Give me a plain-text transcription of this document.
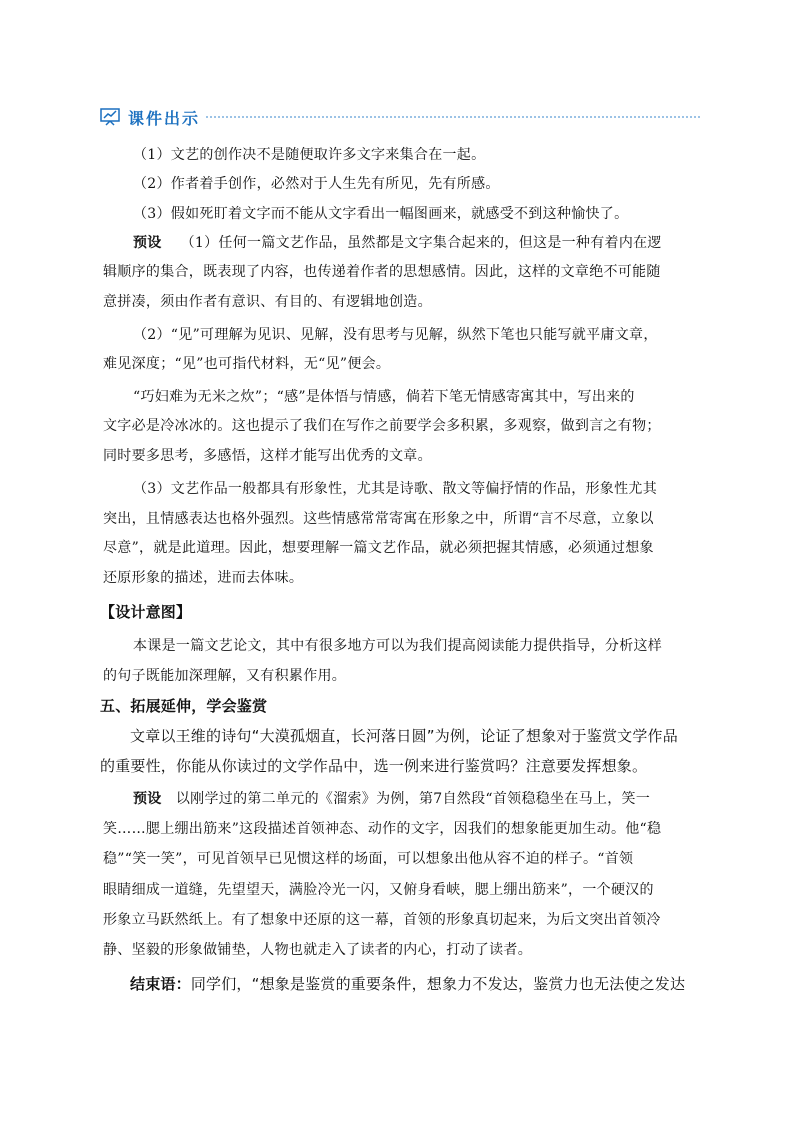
课件出示
（1）文艺的创作决不是随便取许多文字来集合在一起。
（2）作者着手创作，必然对于人生先有所见，先有所感。
（3）假如死盯着文字而不能从文字看出一幅图画来，就感受不到这种愉快了。
预设 （1）任何一篇文艺作品，虽然都是文字集合起来的，但这是一种有着内在逻
辑顺序的集合，既表现了内容，也传递着作者的思想感情。因此，这样的文章绝不可能随
意拼凑，须由作者有意识、有目的、有逻辑地创造。
（2）“见”可理解为见识、见解，没有思考与见解，纵然下笔也只能写就平庸文章，
难见深度；“见”也可指代材料，无“见”便会。
“巧妇难为无米之炊”；“感”是体悟与情感，倘若下笔无情感寄寓其中，写出来的
文字必是冷冰冰的。这也提示了我们在写作之前要学会多积累，多观察，做到言之有物；
同时要多思考，多感悟，这样才能写出优秀的文章。
（3）文艺作品一般都具有形象性，尤其是诗歌、散文等偏抒情的作品，形象性尤其
突出，且情感表达也格外强烈。这些情感常常寄寓在形象之中，所谓“言不尽意，立象以
尽意”，就是此道理。因此，想要理解一篇文艺作品，就必须把握其情感，必须通过想象
还原形象的描述，进而去体味。
【设计意图】
本课是一篇文艺论文，其中有很多地方可以为我们提高阅读能力提供指导，分析这样
的句子既能加深理解，又有积累作用。
五、拓展延伸，学会鉴赏
文章以王维的诗句“大漠孤烟直，长河落日圆”为例，论证了想象对于鉴赏文学作品
的重要性，你能从你读过的文学作品中，选一例来进行鉴赏吗？注意要发挥想象。
预设 以刚学过的第二单元的《溜索》为例，第7自然段“首领稳稳坐在马上，笑一
笑……腮上绷出筋来”这段描述首领神态、动作的文字，因我们的想象能更加生动。他“稳
稳”“笑一笑”，可见首领早已见惯这样的场面，可以想象出他从容不迫的样子。“首领
眼睛细成一道缝，先望望天，满脸冷光一闪，又俯身看峡，腮上绷出筋来”，一个硬汉的
形象立马跃然纸上。有了想象中还原的这一幕，首领的形象真切起来，为后文突出首领冷
静、坚毅的形象做铺垫，人物也就走入了读者的内心，打动了读者。
结束语：同学们，“想象是鉴赏的重要条件，想象力不发达，鉴赏力也无法使之发达
